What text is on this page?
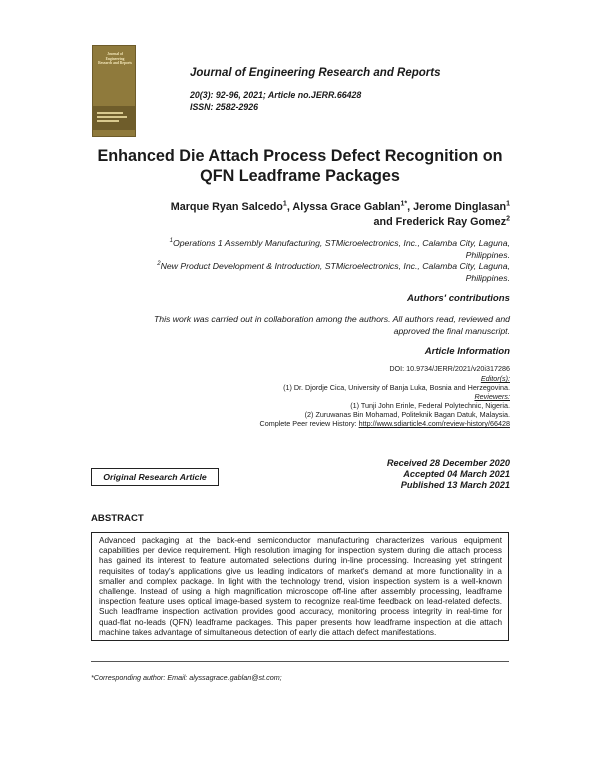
Journal of
Engineering
Research and Reports
Journal of Engineering Research and Reports
20(3): 92-96, 2021; Article no.JERR.66428
ISSN: 2582-2926
Enhanced Die Attach Process Defect Recognition on
QFN Leadframe Packages
Marque Ryan Salcedo$^1$, Alyssa Grace Gablan$^{1*}$, Jerome Dinglasan$^1$
and Frederick Ray Gomez$^2$
$^1$Operations 1 Assembly Manufacturing, STMicroelectronics, Inc., Calamba City, Laguna,
Philippines.
$^2$New Product Development & Introduction, STMicroelectronics, Inc., Calamba City, Laguna,
Philippines.
Authors' contributions
This work was carried out in collaboration among the authors. All authors read, reviewed and
approved the final manuscript.
Article Information
DOI: 10.9734/JERR/2021/v20i317286
Editor(s):
(1) Dr. Djordje Cica, University of Banja Luka, Bosnia and Herzegovina.
Reviewers:
(1) Tunji John Erinle, Federal Polytechnic, Nigeria.
(2) Zuruwanas Bin Mohamad, Politeknik Bagan Datuk, Malaysia.
Complete Peer review History: http://www.sdiarticle4.com/review-history/66428
Original Research Article
Received 28 December 2020
Accepted 04 March 2021
Published 13 March 2021
ABSTRACT
Advanced packaging at the back-end semiconductor manufacturing characterizes various equipment capabilities per device requirement. High resolution imaging for inspection system during die attach process has gained its interest to feature automated selections during in-line processing. Increasing yet stringent requisites of today's applications give us leading indicators of market's demand at more functionality in a smaller and complex package. In light with the technology trend, vision inspection system is a well-known challenge. Instead of using a high magnification microscope off-line after assembly processing, leadframe inspection feature uses optical image-based system to recognize real-time feedback on lead-related defects. Such leadframe inspection activation provides good accuracy, monitoring process integrity in real-time for quad-flat no-leads (QFN) leadframe packages. This paper presents how leadframe inspection at die attach machine takes advantage of simultaneous detection of early die attach defect manifestations.
*Corresponding author: Email: alyssagrace.gablan@st.com;
